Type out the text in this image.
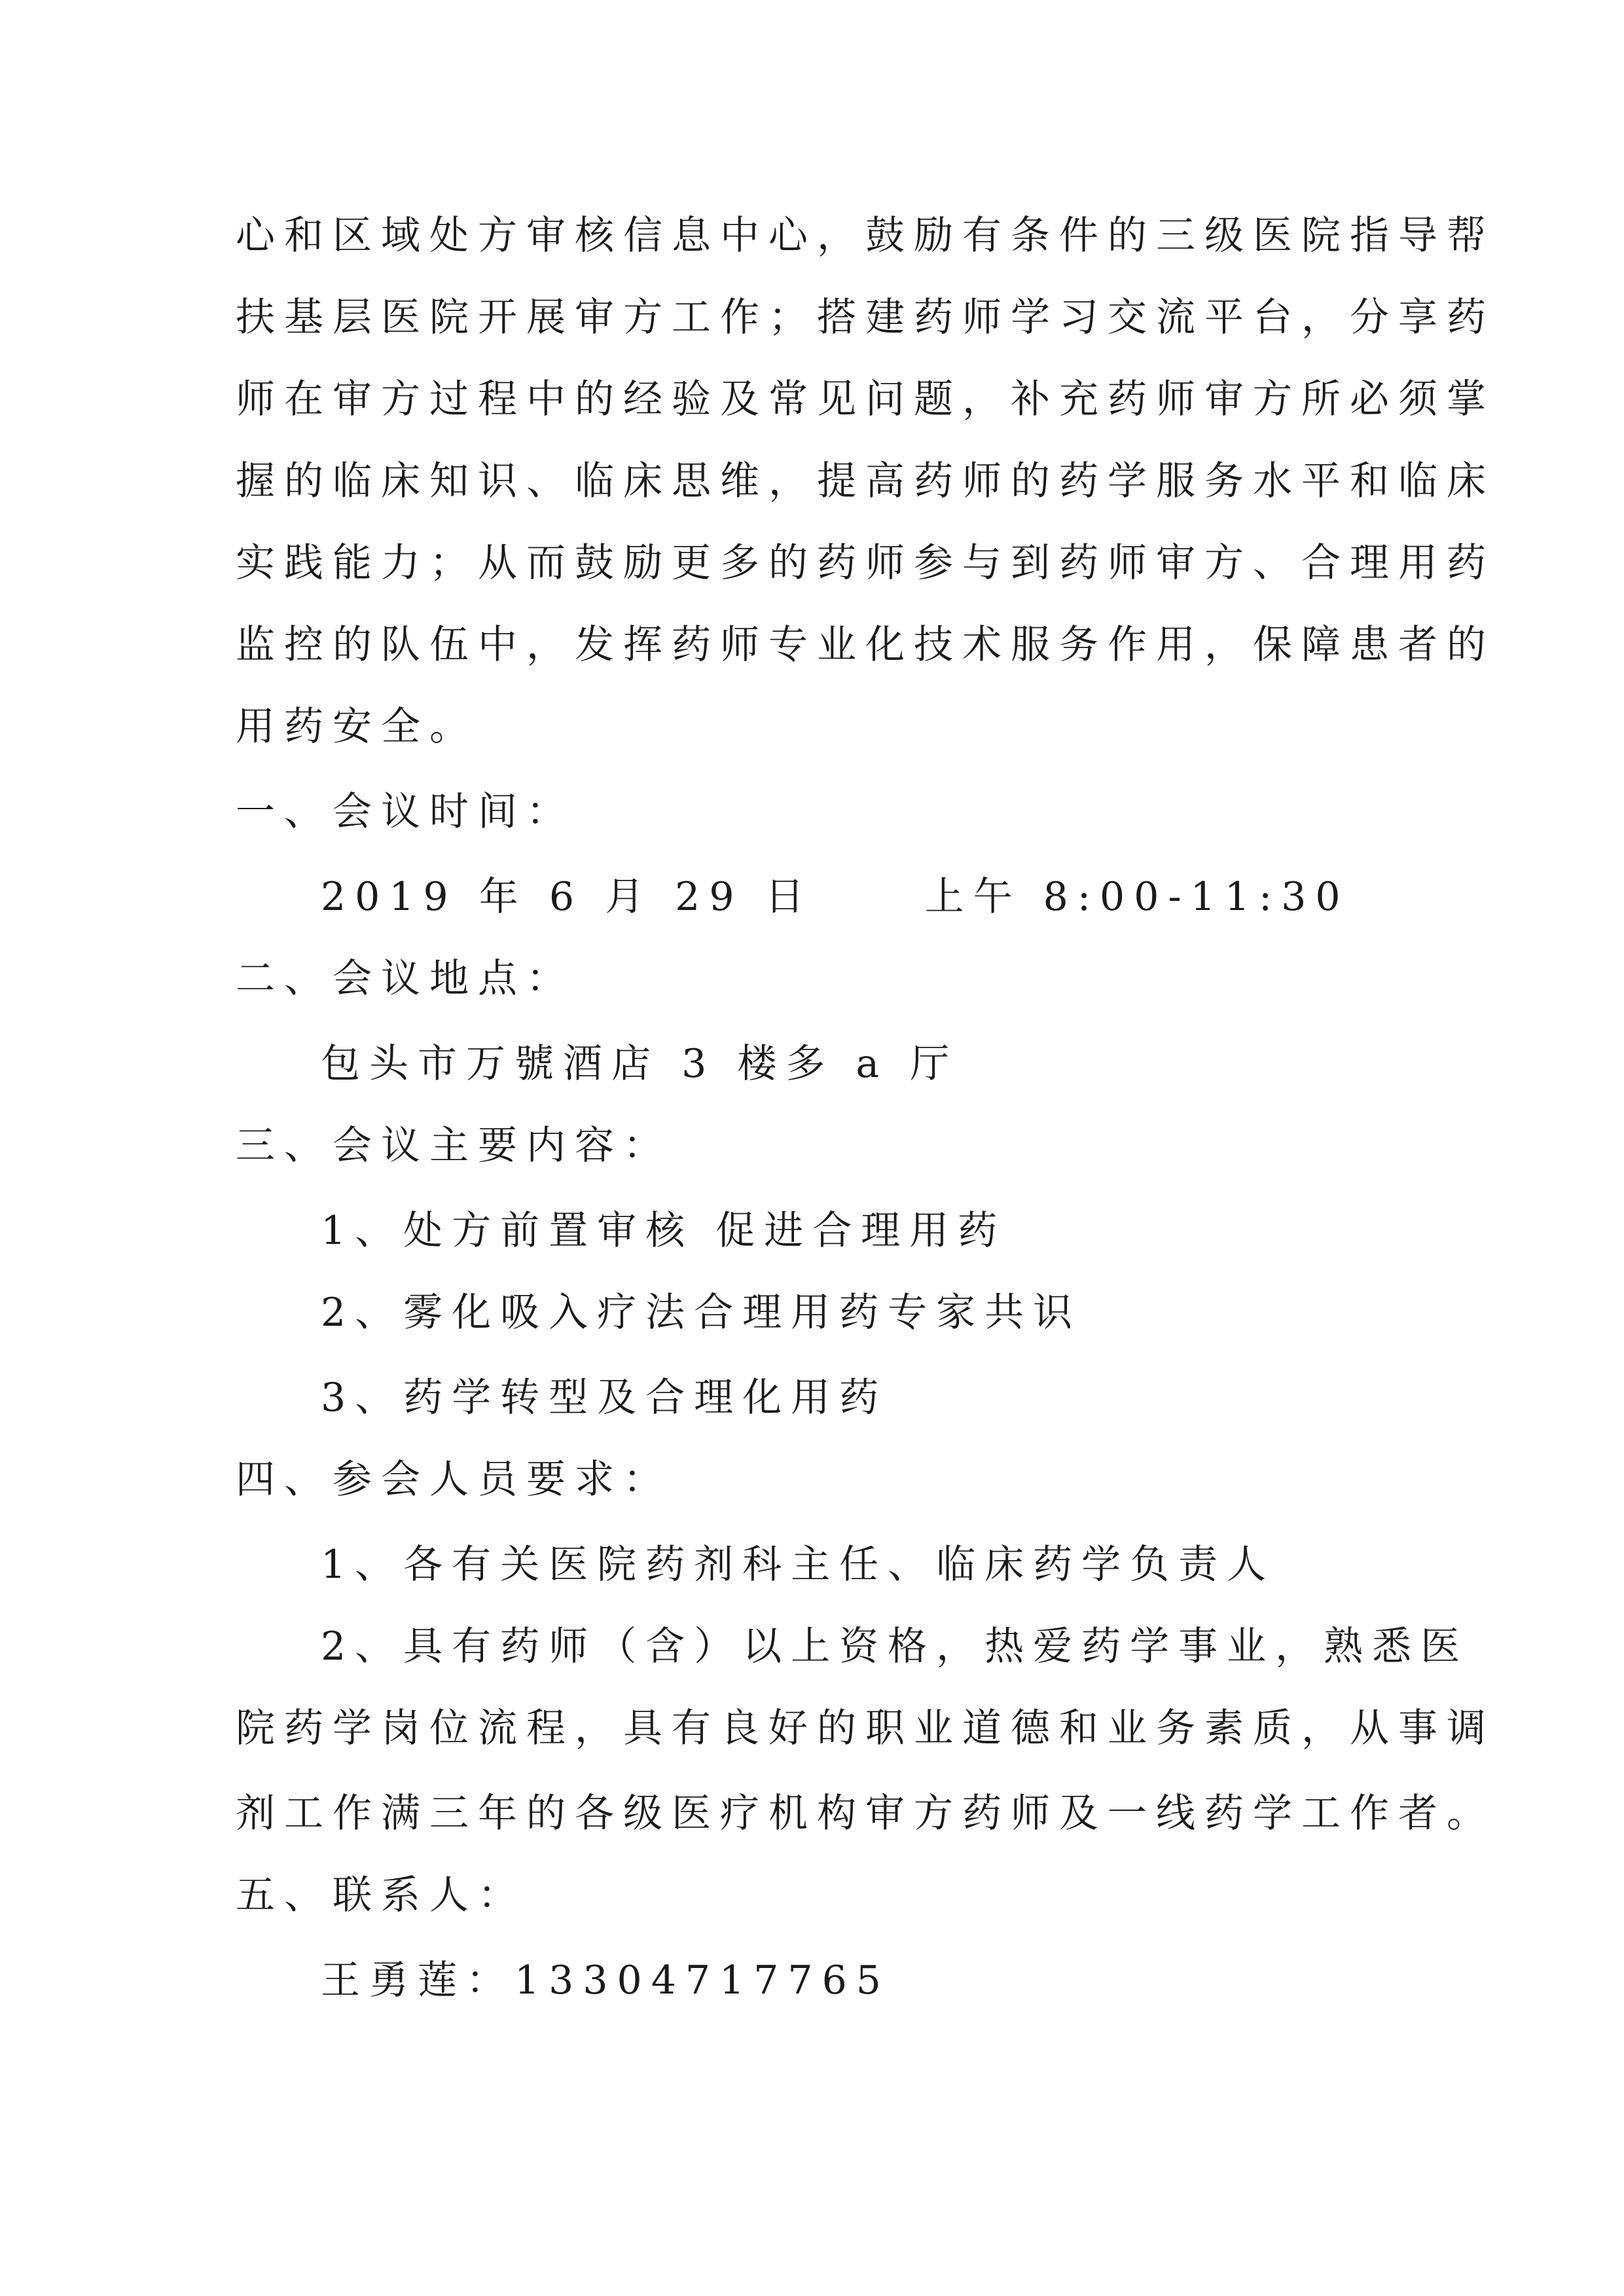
心和区域处方审核信息中心，鼓励有条件的三级医院指导帮
扶基层医院开展审方工作；搭建药师学习交流平台，分享药
师在审方过程中的经验及常见问题，补充药师审方所必须掌
握的临床知识、临床思维，提高药师的药学服务水平和临床
实践能力；从而鼓励更多的药师参与到药师审方、合理用药
监控的队伍中，发挥药师专业化技术服务作用，保障患者的
用药安全。
一、会议时间：
2019 年 6 月 29 日	上午 8:00-11:30
二、会议地点：
包头市万號酒店 3 楼多 a 厅
三、会议主要内容：
1、处方前置审核 促进合理用药
2、雾化吸入疗法合理用药专家共识
3、药学转型及合理化用药
四、参会人员要求：
1、各有关医院药剂科主任、临床药学负责人
2、具有药师（含）以上资格，热爱药学事业，熟悉医
院药学岗位流程，具有良好的职业道德和业务素质，从事调
剂工作满三年的各级医疗机构审方药师及一线药学工作者。
五、联系人：
王勇莲：13304717765
